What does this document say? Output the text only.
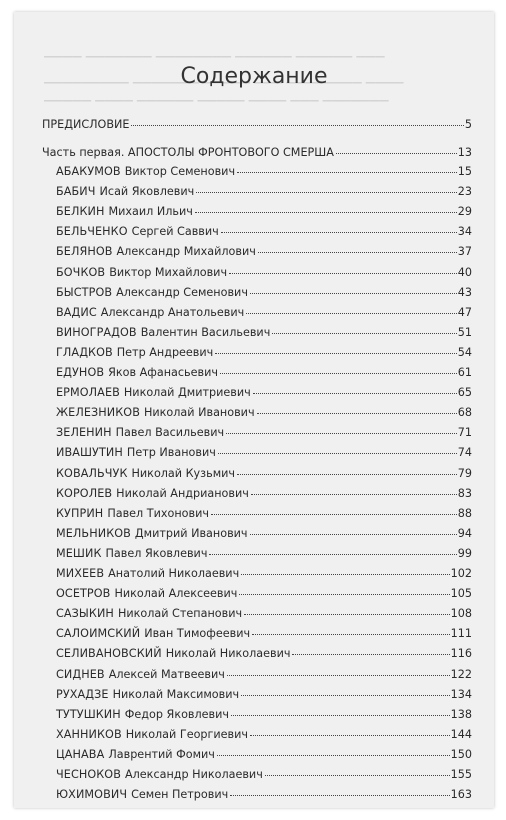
▔▔▔▔ ▔▔▔▔▔▔▔ ▔▔▔▔▔▔▔▔ ▔▔▔▔▔▔ ▔▔▔▔▔▔ ▔▔▔
▔▔▔▔▔▔▔▔▔ ▔▔▔▔▔▔▔ ▔▔▔▔▔ ▔▔▔ ▔▔▔▔▔▔▔▔ ▔▔▔▔
▔▔▔▔▔ ▔▔▔▔ ▔▔▔▔▔▔ ▔▔▔▔▔ ▔▔▔▔ ▔▔▔ ▔▔▔▔▔▔▔
Содержание
ПРЕДИСЛОВИЕ	5
Часть первая. АПОСТОЛЫ ФРОНТОВОГО СМЕРША	13
АБАКУМОВ Виктор Семенович	15
БАБИЧ Исай Яковлевич	23
БЕЛКИН Михаил Ильич	29
БЕЛЬЧЕНКО Сергей Саввич	34
БЕЛЯНОВ Александр Михайлович	37
БОЧКОВ Виктор Михайлович	40
БЫСТРОВ Александр Семенович	43
ВАДИС Александр Анатольевич	47
ВИНОГРАДОВ Валентин Васильевич	51
ГЛАДКОВ Петр Андреевич	54
ЕДУНОВ Яков Афанасьевич	61
ЕРМОЛАЕВ Николай Дмитриевич	65
ЖЕЛЕЗНИКОВ Николай Иванович	68
ЗЕЛЕНИН Павел Васильевич	71
ИВАШУТИН Петр Иванович	74
КОВАЛЬЧУК Николай Кузьмич	79
КОРОЛЕВ Николай Андрианович	83
КУПРИН Павел Тихонович	88
МЕЛЬНИКОВ Дмитрий Иванович	94
МЕШИК Павел Яковлевич	99
МИХЕЕВ Анатолий Николаевич	102
ОСЕТРОВ Николай Алексеевич	105
САЗЫКИН Николай Степанович	108
САЛОИМСКИЙ Иван Тимофеевич	111
СЕЛИВАНОВСКИЙ Николай Николаевич	116
СИДНЕВ Алексей Матвеевич	122
РУХАДЗЕ Николай Максимович	134
ТУТУШКИН Федор Яковлевич	138
ХАННИКОВ Николай Георгиевич	144
ЦАНАВА Лаврентий Фомич	150
ЧЕСНОКОВ Александр Николаевич	155
ЮХИМОВИЧ Семен Петрович	163
